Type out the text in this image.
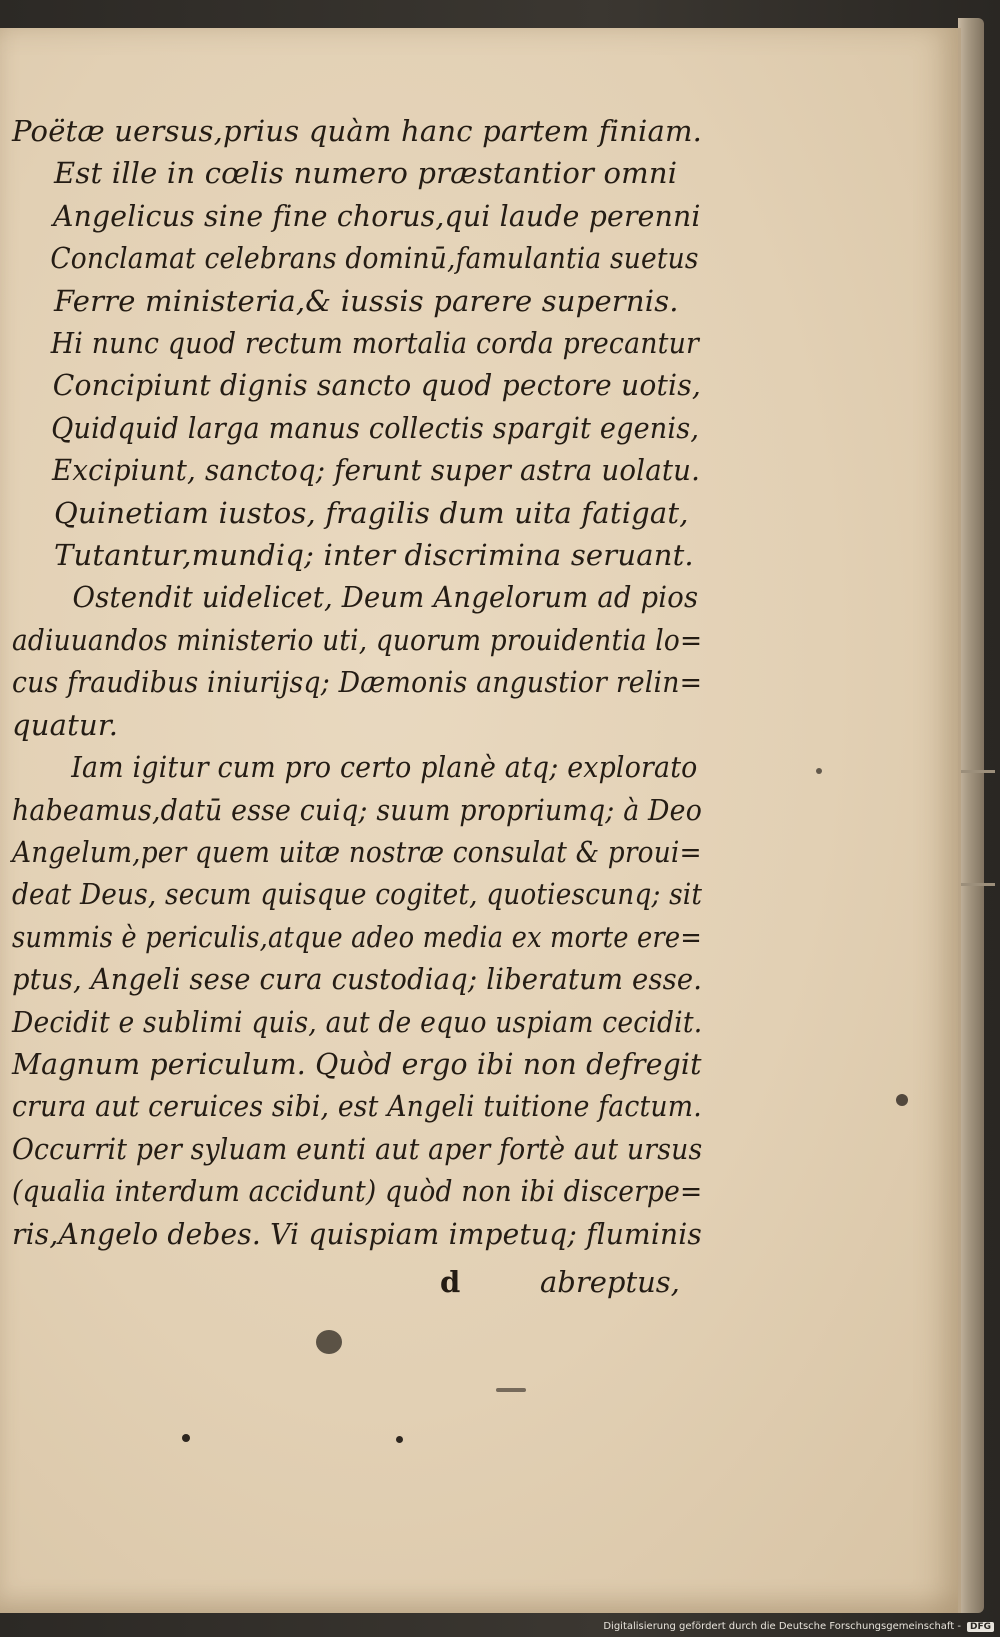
Poëtæ uersus,prius quàm hanc partem finiam.
Est ille in cœlis numero præstantior omni
Angelicus sine fine chorus,qui laude perenni
Conclamat celebrans dominū,famulantia suetus
Ferre ministeria,& iussis parere supernis.
Hi nunc quod rectum mortalia corda precantur
Concipiunt dignis sancto quod pectore uotis,
Quidquid larga manus collectis spargit egenis,
Excipiunt, sanctoq; ferunt super astra uolatu.
Quinetiam iustos, fragilis dum uita fatigat,
Tutantur,mundiq; inter discrimina seruant.
Ostendit uidelicet, Deum Angelorum ad pios
adiuuandos ministerio uti, quorum prouidentia lo=
cus fraudibus iniurijsq; Dæmonis angustior relin=
quatur.
Iam igitur cum pro certo planè atq; explorato
habeamus,datū esse cuiq; suum propriumq; à Deo
Angelum,per quem uitæ nostræ consulat & proui=
deat Deus, secum quisque cogitet, quotiescunq; sit
summis è periculis,atque adeo media ex morte ere=
ptus, Angeli sese cura custodiaq; liberatum esse.
Decidit e sublimi quis, aut de equo uspiam cecidit.
Magnum periculum. Quòd ergo ibi non defregit
crura aut ceruices sibi, est Angeli tuitione factum.
Occurrit per syluam eunti aut aper fortè aut ursus
(qualia interdum accidunt) quòd non ibi discerpe=
ris,Angelo debes. Vi quispiam impetuq; fluminis
d	abreptus,
Digitalisierung gefördert durch die Deutsche Forschungsgemeinschaft -	DFG
